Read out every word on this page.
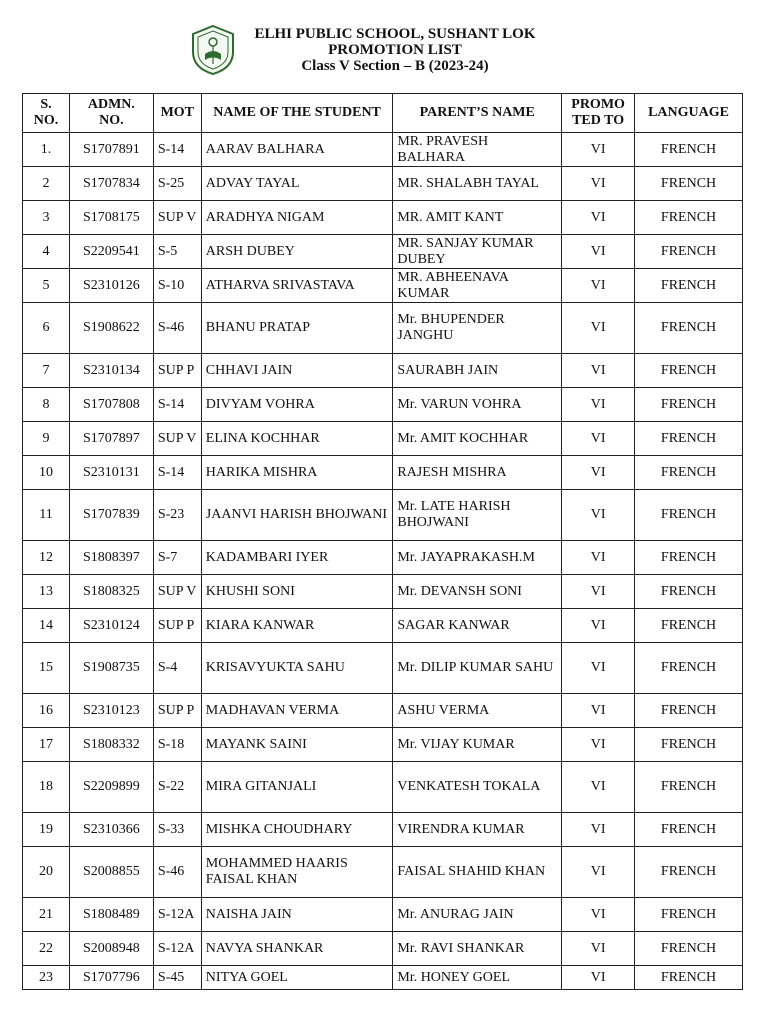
ELHI PUBLIC SCHOOL, SUSHANT LOK
PROMOTION LIST
Class V Section – B (2023-24)
S. NO.	ADMN. NO.	MOT	NAME OF THE STUDENT	PARENT’S NAME	PROMO TED TO	LANGUAGE
1.	S1707891	S-14	AARAV BALHARA	MR. PRAVESH BALHARA	VI	FRENCH
2	S1707834	S-25	ADVAY TAYAL	MR. SHALABH TAYAL	VI	FRENCH
3	S1708175	SUP V	ARADHYA NIGAM	MR. AMIT KANT	VI	FRENCH
4	S2209541	S-5	ARSH DUBEY	MR. SANJAY KUMAR DUBEY	VI	FRENCH
5	S2310126	S-10	ATHARVA SRIVASTAVA	MR. ABHEENAVA KUMAR	VI	FRENCH
6	S1908622	S-46	BHANU PRATAP	Mr. BHUPENDER JANGHU	VI	FRENCH
7	S2310134	SUP P	CHHAVI JAIN	SAURABH JAIN	VI	FRENCH
8	S1707808	S-14	DIVYAM VOHRA	Mr. VARUN VOHRA	VI	FRENCH
9	S1707897	SUP V	ELINA KOCHHAR	Mr. AMIT KOCHHAR	VI	FRENCH
10	S2310131	S-14	HARIKA MISHRA	RAJESH MISHRA	VI	FRENCH
11	S1707839	S-23	JAANVI HARISH BHOJWANI	Mr. LATE HARISH BHOJWANI	VI	FRENCH
12	S1808397	S-7	KADAMBARI IYER	Mr. JAYAPRAKASH.M	VI	FRENCH
13	S1808325	SUP V	KHUSHI SONI	Mr. DEVANSH SONI	VI	FRENCH
14	S2310124	SUP P	KIARA KANWAR	SAGAR KANWAR	VI	FRENCH
15	S1908735	S-4	KRISAVYUKTA SAHU	Mr. DILIP KUMAR SAHU	VI	FRENCH
16	S2310123	SUP P	MADHAVAN VERMA	ASHU VERMA	VI	FRENCH
17	S1808332	S-18	MAYANK SAINI	Mr. VIJAY KUMAR	VI	FRENCH
18	S2209899	S-22	MIRA GITANJALI	VENKATESH TOKALA	VI	FRENCH
19	S2310366	S-33	MISHKA CHOUDHARY	VIRENDRA KUMAR	VI	FRENCH
20	S2008855	S-46	MOHAMMED HAARIS FAISAL KHAN	FAISAL SHAHID KHAN	VI	FRENCH
21	S1808489	S-12A	NAISHA JAIN	Mr. ANURAG JAIN	VI	FRENCH
22	S2008948	S-12A	NAVYA SHANKAR	Mr. RAVI SHANKAR	VI	FRENCH
23	S1707796	S-45	NITYA GOEL	Mr. HONEY GOEL	VI	FRENCH
